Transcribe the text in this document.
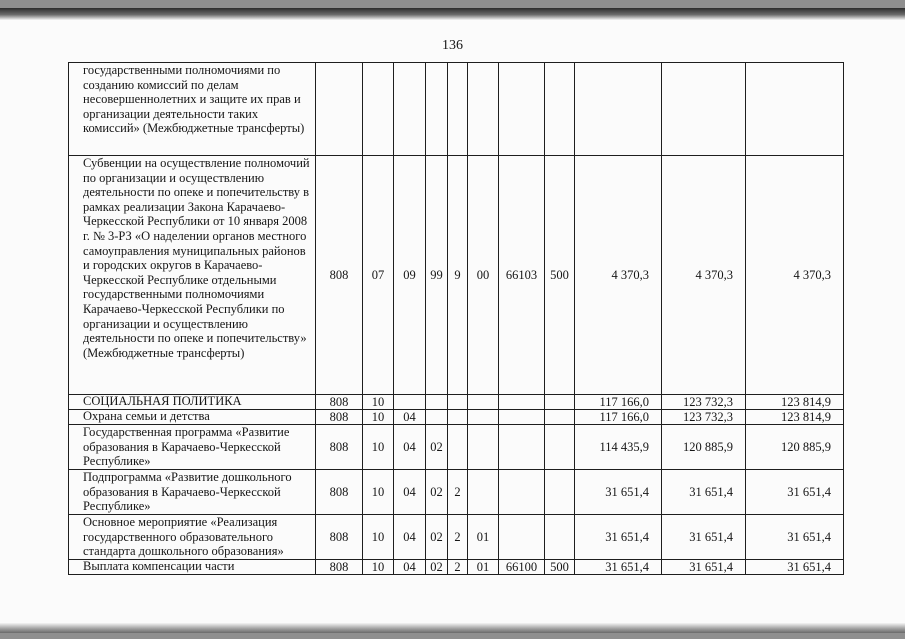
136
государственными полномочиями по созданию комиссий по делам несовершеннолетних и защите их прав и организации деятельности таких комиссий» (Межбюджетные трансферты)											
Субвенции на осуществление полномочий по организации и осуществлению деятельности по опеке и попечительству в рамках реализации Закона Карачаево-Черкесской Республики от 10 января 2008 г. № 3-РЗ «О наделении органов местного самоуправления муниципальных районов и городских округов в Карачаево-Черкесской Республике отдельными государственными полномочиями Карачаево-Черкесской Республики по организации и осуществлению деятельности по опеке и попечительству» (Межбюджетные трансферты)	808	07	09	99	9	00	66103	500	4 370,3	4 370,3	4 370,3
СОЦИАЛЬНАЯ ПОЛИТИКА	808	10							117 166,0	123 732,3	123 814,9
Охрана семьи и детства	808	10	04						117 166,0	123 732,3	123 814,9
Государственная программа «Развитие образования в Карачаево-Черкесской Республике»	808	10	04	02					114 435,9	120 885,9	120 885,9
Подпрограмма «Развитие дошкольного образования в Карачаево-Черкесской Республике»	808	10	04	02	2				31 651,4	31 651,4	31 651,4
Основное мероприятие «Реализация государственного образовательного стандарта дошкольного образования»	808	10	04	02	2	01			31 651,4	31 651,4	31 651,4
Выплата компенсации части	808	10	04	02	2	01	66100	500	31 651,4	31 651,4	31 651,4
